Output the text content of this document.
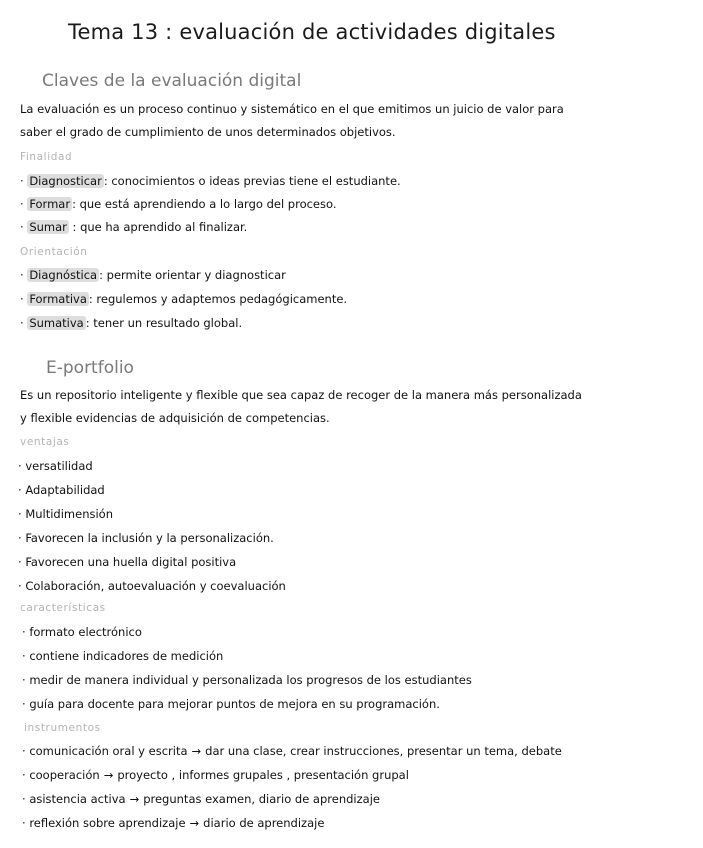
Tema 13 : evaluación de actividades digitales
Claves de la evaluación digital
La evaluación es un proceso continuo y sistemático en el que emitimos un juicio de valor para
saber el grado de cumplimiento de unos determinados objetivos.
Finalidad
· Diagnosticar : conocimientos o ideas previas tiene el estudiante.
· Formar : que está aprendiendo a lo largo del proceso.
· Sumar : que ha aprendido al finalizar.
Orientación
· Diagnóstica : permite orientar y diagnosticar
· Formativa : regulemos y adaptemos pedagógicamente.
· Sumativa : tener un resultado global.
E-portfolio
Es un repositorio inteligente y flexible que sea capaz de recoger de la manera más personalizada
y flexible evidencias de adquisición de competencias.
ventajas
· versatilidad
· Adaptabilidad
· Multidimensión
· Favorecen la inclusión y la personalización.
· Favorecen una huella digital positiva
· Colaboración, autoevaluación y coevaluación
características
· formato electrónico
· contiene indicadores de medición
· medir de manera individual y personalizada los progresos de los estudiantes
· guía para docente para mejorar puntos de mejora en su programación.
instrumentos
· comunicación oral y escrita → dar una clase, crear instrucciones, presentar un tema, debate
· cooperación → proyecto , informes grupales , presentación grupal
· asistencia activa → preguntas examen, diario de aprendizaje
· reflexión sobre aprendizaje → diario de aprendizaje
